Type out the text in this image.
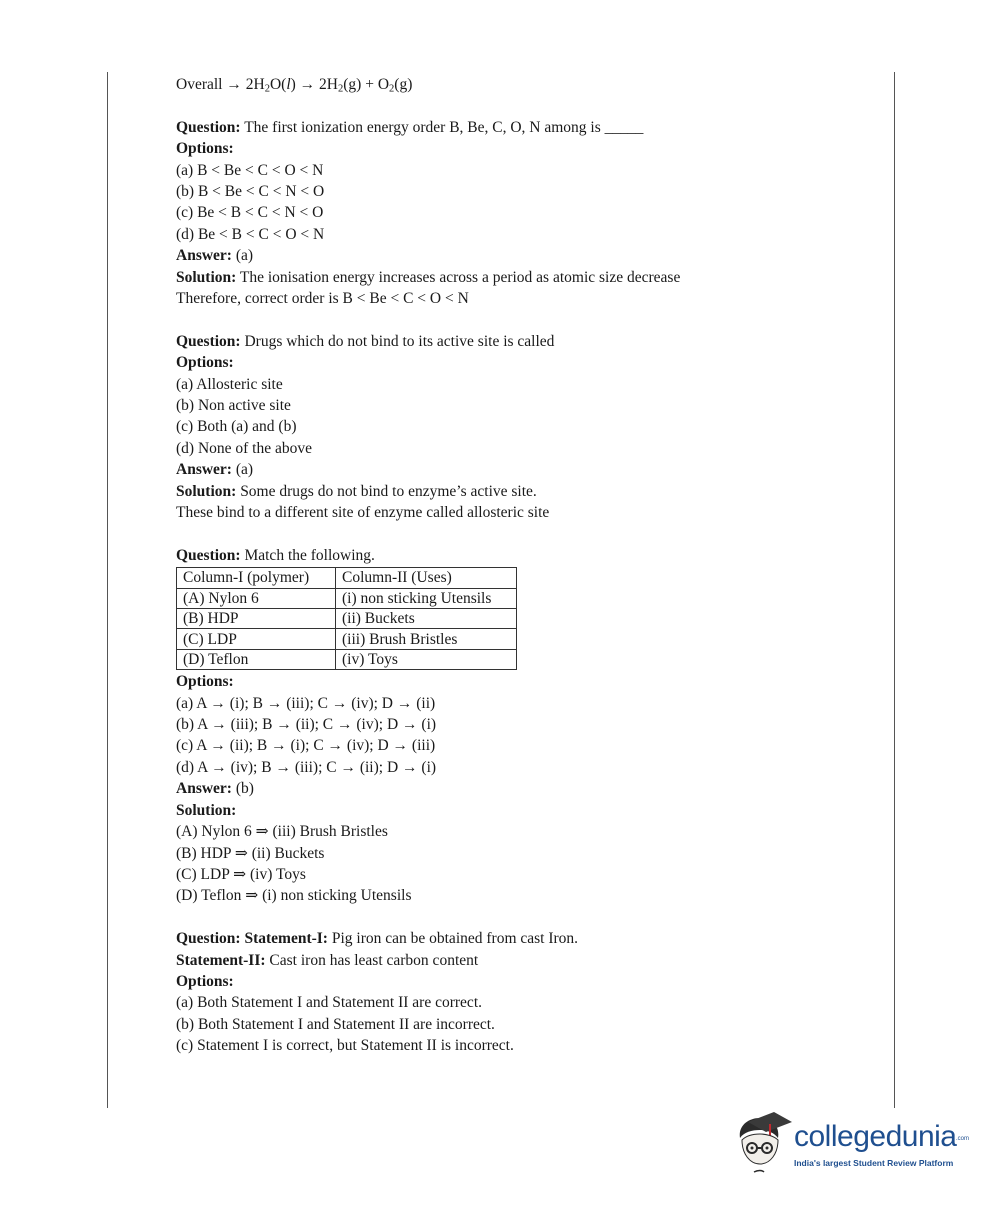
Overall → $2H_2O(l) \to 2H_2(g) + O_2(g)$
Question: The first ionization energy order B, Be, C, O, N among is _____
Options:
(a) B < Be < C < O < N
(b) B < Be < C < N < O
(c) Be < B < C < N < O
(d) Be < B < C < O < N
Answer: (a)
Solution: The ionisation energy increases across a period as atomic size decrease
Therefore, correct order is B < Be < C < O < N
Question: Drugs which do not bind to its active site is called
Options:
(a) Allosteric site
(b) Non active site
(c) Both (a) and (b)
(d) None of the above
Answer: (a)
Solution: Some drugs do not bind to enzyme’s active site.
These bind to a different site of enzyme called allosteric site
Question: Match the following.
Column-I (polymer)	Column-II (Uses)
(A) Nylon 6	(i) non sticking Utensils
(B) HDP	(ii) Buckets
(C) LDP	(iii) Brush Bristles
(D) Teflon	(iv) Toys
Options:
(a) A → (i); B → (iii); C → (iv); D → (ii)
(b) A → (iii); B → (ii); C → (iv); D → (i)
(c) A → (ii); B → (i); C → (iv); D → (iii)
(d) A → (iv); B → (iii); C → (ii); D → (i)
Answer: (b)
Solution:
(A) Nylon 6 ⇒ (iii) Brush Bristles
(B) HDP ⇒ (ii) Buckets
(C) LDP ⇒ (iv) Toys
(D) Teflon ⇒ (i) non sticking Utensils
Question: Statement-I: Pig iron can be obtained from cast Iron.
Statement-II: Cast iron has least carbon content
Options:
(a) Both Statement I and Statement II are correct.
(b) Both Statement I and Statement II are incorrect.
(c) Statement I is correct, but Statement II is incorrect.
collegedunia .com
India's largest Student Review Platform
